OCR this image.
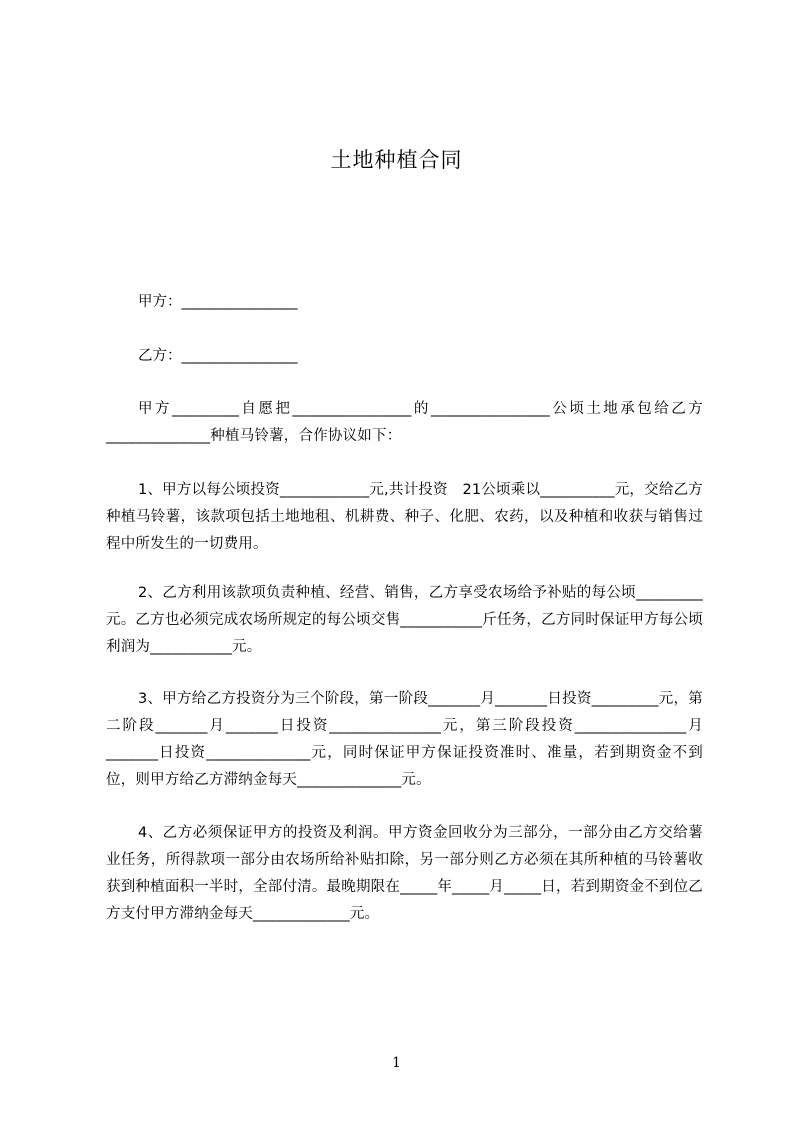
土地种植合同
甲方：________________
乙方：________________

甲方_________自愿把________________的________________公顷土地承包给乙方______________种植马铃薯，合作协议如下：

1、甲方以每公顷投资____________元,共计投资　21公顷乘以__________元，交给乙方种植马铃薯，该款项包括土地地租、机耕费、种子、化肥、农药，以及种植和收获与销售过程中所发生的一切费用。

2、乙方利用该款项负责种植、经营、销售，乙方享受农场给予补贴的每公顷_________元。乙方也必须完成农场所规定的每公顷交售___________斤任务，乙方同时保证甲方每公顷利润为___________元。

3、甲方给乙方投资分为三个阶段，第一阶段_______月_______日投资_________元，第二阶段_______月_______日投资_______________元，第三阶段投资_______________月_______日投资______________元，同时保证甲方保证投资准时、准量，若到期资金不到位，则甲方给乙方滞纳金每天______________元。

4、乙方必须保证甲方的投资及利润。甲方资金回收分为三部分，一部分由乙方交给薯业任务，所得款项一部分由农场所给补贴扣除，另一部分则乙方必须在其所种植的马铃薯收获到种植面积一半时，全部付清。最晚期限在_____年_____月_____日，若到期资金不到位乙方支付甲方滞纳金每天_____________元。

1
